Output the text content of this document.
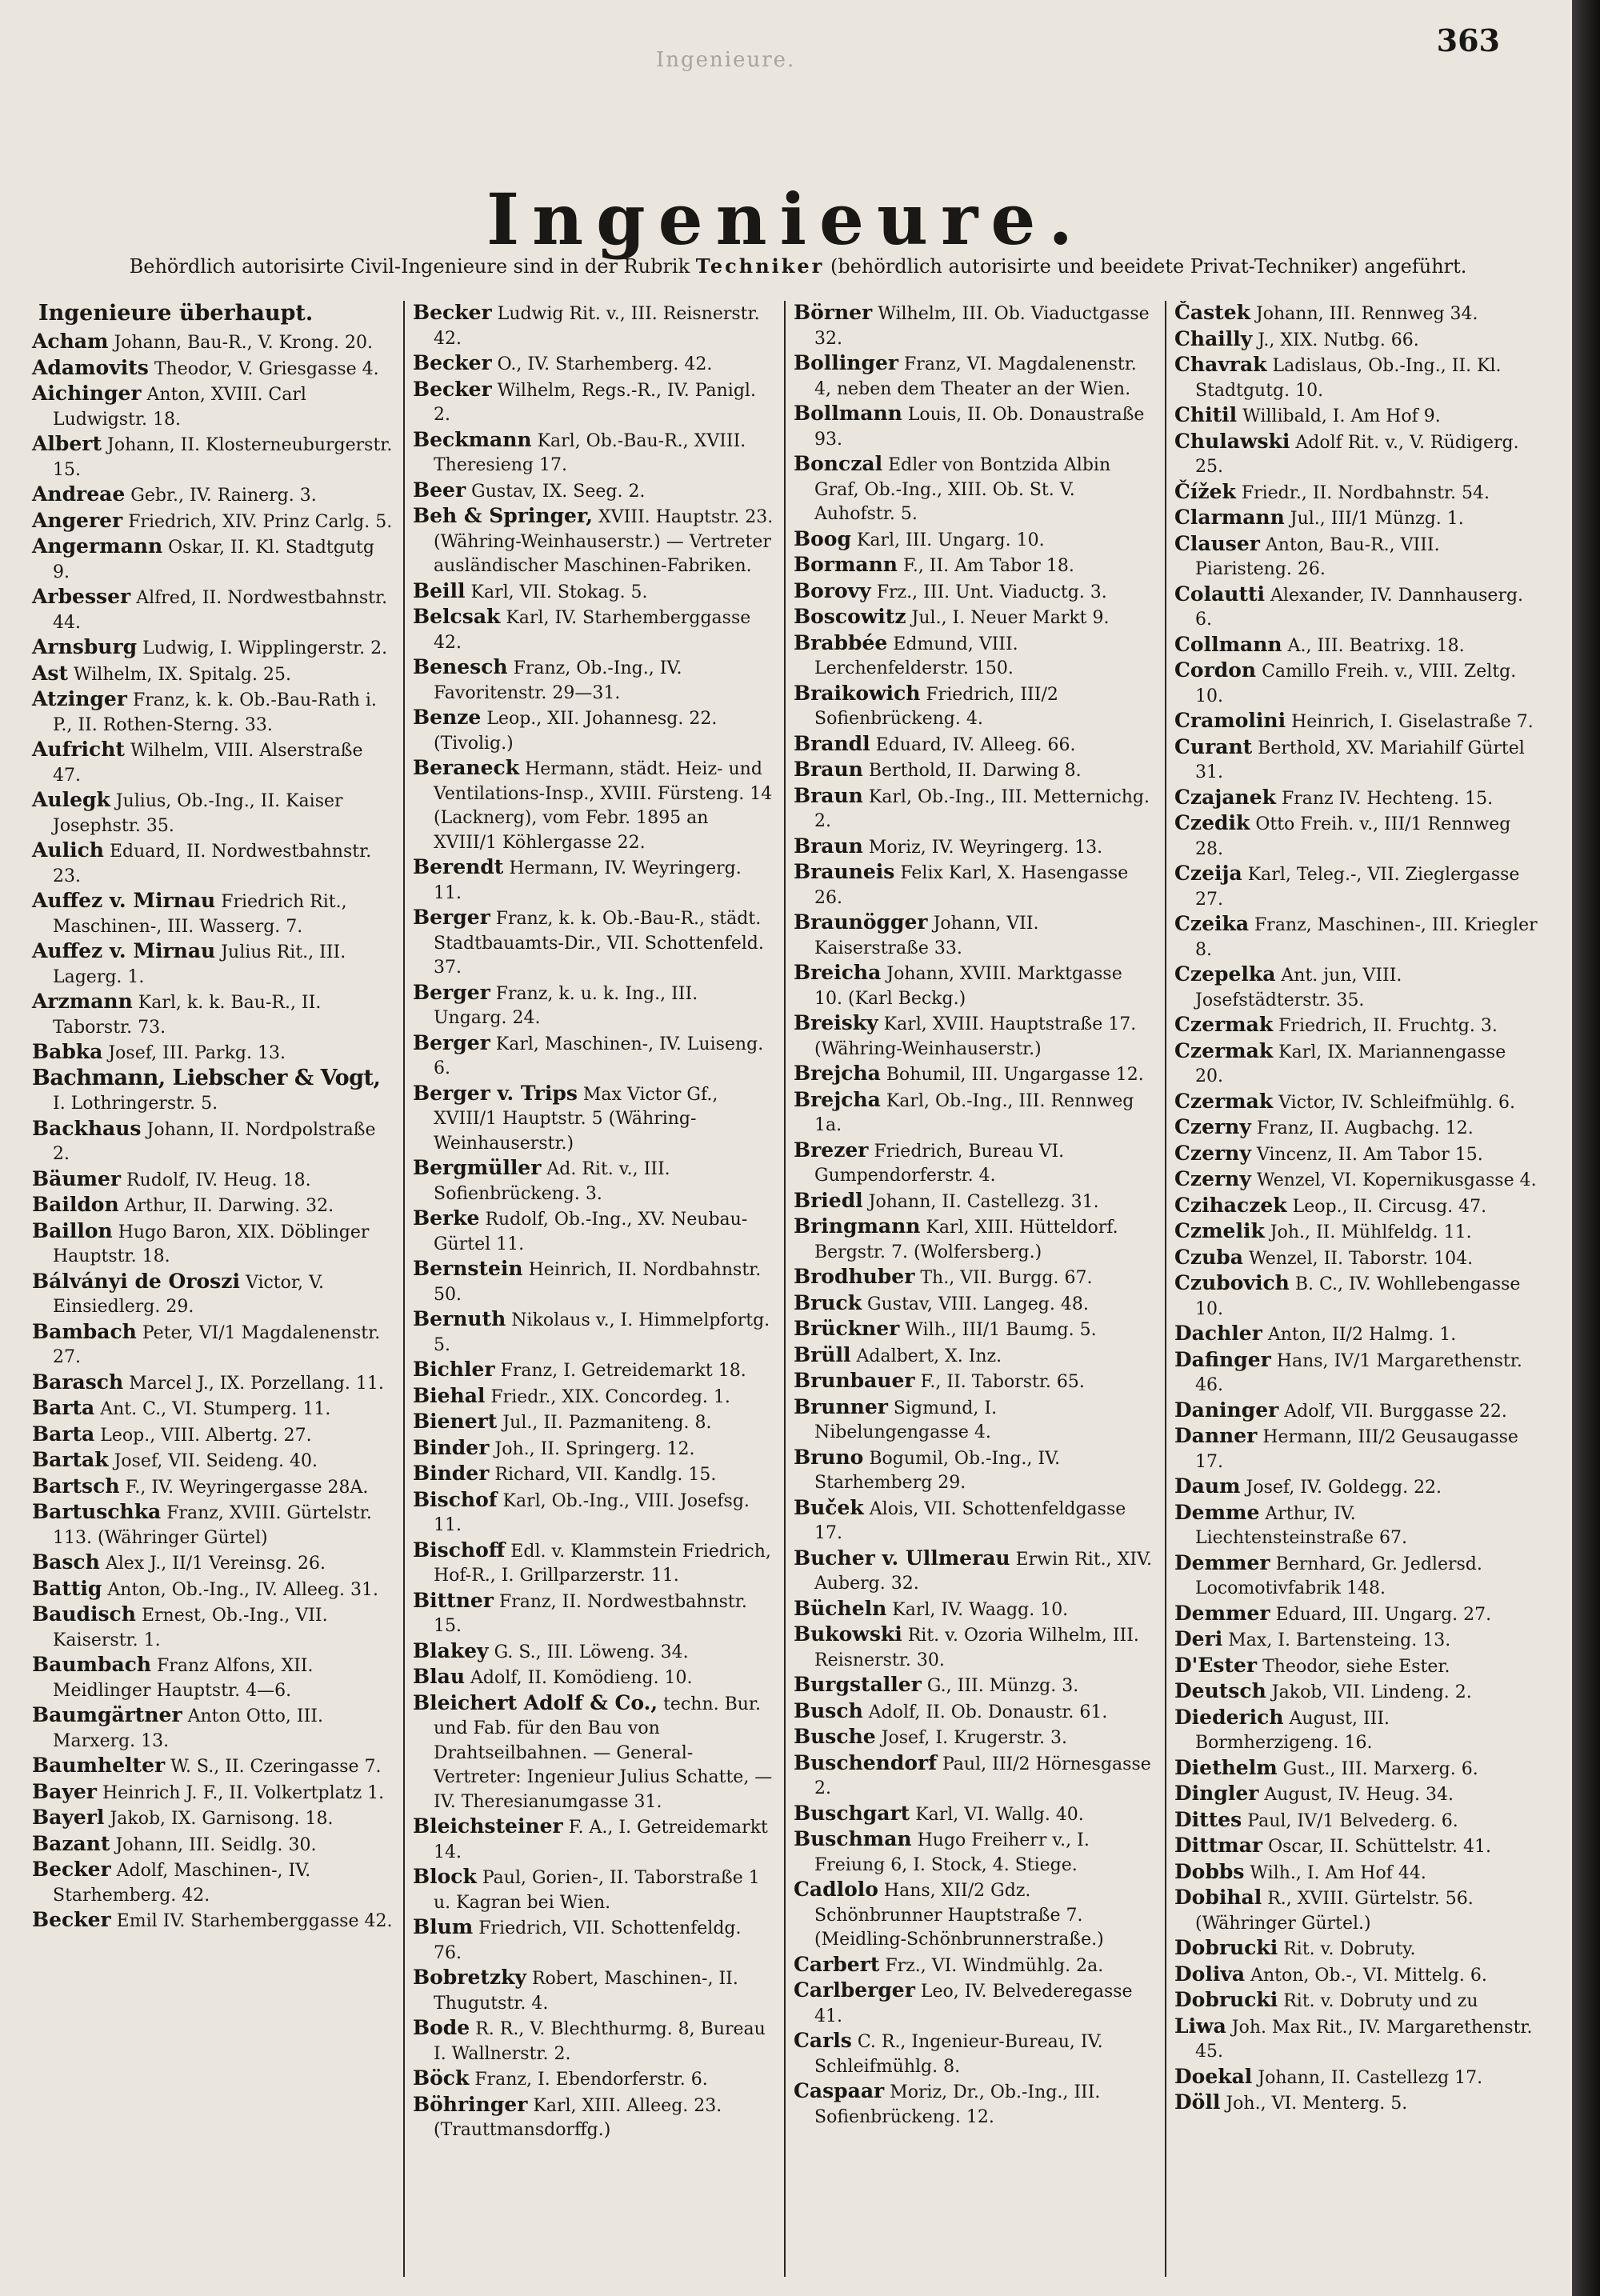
Ingenieure.
363
Ingenieure.
Behördlich autorisirte Civil-Ingenieure sind in der Rubrik Techniker (behördlich autorisirte und beeidete Privat-Techniker) angeführt.
Ingenieure überhaupt.
Acham Johann, Bau-R., V. Krong. 20.
Adamovits Theodor, V. Griesgasse 4.
Aichinger Anton, XVIII. Carl Ludwigstr. 18.
Albert Johann, II. Klosterneuburgerstr. 15.
Andreae Gebr., IV. Rainerg. 3.
Angerer Friedrich, XIV. Prinz Carlg. 5.
Angermann Oskar, II. Kl. Stadtgutg 9.
Arbesser Alfred, II. Nordwestbahnstr. 44.
Arnsburg Ludwig, I. Wipplingerstr. 2.
Ast Wilhelm, IX. Spitalg. 25.
Atzinger Franz, k. k. Ob.-Bau-Rath i. P., II. Rothen-Sterng. 33.
Aufricht Wilhelm, VIII. Alserstraße 47.
Aulegk Julius, Ob.-Ing., II. Kaiser Josephstr. 35.
Aulich Eduard, II. Nordwestbahnstr. 23.
Auffez v. Mirnau Friedrich Rit., Maschinen-, III. Wasserg. 7.
Auffez v. Mirnau Julius Rit., III. Lagerg. 1.
Arzmann Karl, k. k. Bau-R., II. Taborstr. 73.
Babka Josef, III. Parkg. 13.
Bachmann, Liebscher & Vogt, I. Lothringerstr. 5.
Backhaus Johann, II. Nordpolstraße 2.
Bäumer Rudolf, IV. Heug. 18.
Baildon Arthur, II. Darwing. 32.
Baillon Hugo Baron, XIX. Döblinger Hauptstr. 18.
Bálványi de Oroszi Victor, V. Einsiedlerg. 29.
Bambach Peter, VI/1 Magdalenenstr. 27.
Barasch Marcel J., IX. Porzellang. 11.
Barta Ant. C., VI. Stumperg. 11.
Barta Leop., VIII. Albertg. 27.
Bartak Josef, VII. Seideng. 40.
Bartsch F., IV. Weyringergasse 28A.
Bartuschka Franz, XVIII. Gürtelstr. 113. (Währinger Gürtel)
Basch Alex J., II/1 Vereinsg. 26.
Battig Anton, Ob.-Ing., IV. Alleeg. 31.
Baudisch Ernest, Ob.-Ing., VII. Kaiserstr. 1.
Baumbach Franz Alfons, XII. Meidlinger Hauptstr. 4—6.
Baumgärtner Anton Otto, III. Marxerg. 13.
Baumhelter W. S., II. Czeringasse 7.
Bayer Heinrich J. F., II. Volkertplatz 1.
Bayerl Jakob, IX. Garnisong. 18.
Bazant Johann, III. Seidlg. 30.
Becker Adolf, Maschinen-, IV. Starhemberg. 42.
Becker Emil IV. Starhemberggasse 42.
Becker Ludwig Rit. v., III. Reisnerstr. 42.
Becker O., IV. Starhemberg. 42.
Becker Wilhelm, Regs.-R., IV. Panigl. 2.
Beckmann Karl, Ob.-Bau-R., XVIII. Theresieng 17.
Beer Gustav, IX. Seeg. 2.
Beh & Springer, XVIII. Hauptstr. 23. (Währing-Weinhauserstr.) — Vertreter ausländischer Maschinen-Fabriken.
Beill Karl, VII. Stokag. 5.
Belcsak Karl, IV. Starhemberggasse 42.
Benesch Franz, Ob.-Ing., IV. Favoritenstr. 29—31.
Benze Leop., XII. Johannesg. 22. (Tivolig.)
Beraneck Hermann, städt. Heiz- und Ventilations-Insp., XVIII. Fürsteng. 14 (Lacknerg), vom Febr. 1895 an XVIII/1 Köhlergasse 22.
Berendt Hermann, IV. Weyringerg. 11.
Berger Franz, k. k. Ob.-Bau-R., städt. Stadtbauamts-Dir., VII. Schottenfeld. 37.
Berger Franz, k. u. k. Ing., III. Ungarg. 24.
Berger Karl, Maschinen-, IV. Luiseng. 6.
Berger v. Trips Max Victor Gf., XVIII/1 Hauptstr. 5 (Währing-Weinhauserstr.)
Bergmüller Ad. Rit. v., III. Sofienbrückeng. 3.
Berke Rudolf, Ob.-Ing., XV. Neubau-Gürtel 11.
Bernstein Heinrich, II. Nordbahnstr. 50.
Bernuth Nikolaus v., I. Himmelpfortg. 5.
Bichler Franz, I. Getreidemarkt 18.
Biehal Friedr., XIX. Concordeg. 1.
Bienert Jul., II. Pazmaniteng. 8.
Binder Joh., II. Springerg. 12.
Binder Richard, VII. Kandlg. 15.
Bischof Karl, Ob.-Ing., VIII. Josefsg. 11.
Bischoff Edl. v. Klammstein Friedrich, Hof-R., I. Grillparzerstr. 11.
Bittner Franz, II. Nordwestbahnstr. 15.
Blakey G. S., III. Löweng. 34.
Blau Adolf, II. Komödieng. 10.
Bleichert Adolf & Co., techn. Bur. und Fab. für den Bau von Drahtseilbahnen. — General-Vertreter: Ingenieur Julius Schatte, — IV. Theresianumgasse 31.
Bleichsteiner F. A., I. Getreidemarkt 14.
Block Paul, Gorien-, II. Taborstraße 1 u. Kagran bei Wien.
Blum Friedrich, VII. Schottenfeldg. 76.
Bobretzky Robert, Maschinen-, II. Thugutstr. 4.
Bode R. R., V. Blechthurmg. 8, Bureau I. Wallnerstr. 2.
Böck Franz, I. Ebendorferstr. 6.
Böhringer Karl, XIII. Alleeg. 23. (Trauttmansdorffg.)
Börner Wilhelm, III. Ob. Viaductgasse 32.
Bollinger Franz, VI. Magdalenenstr. 4, neben dem Theater an der Wien.
Bollmann Louis, II. Ob. Donaustraße 93.
Bonczal Edler von Bontzida Albin Graf, Ob.-Ing., XIII. Ob. St. V. Auhofstr. 5.
Boog Karl, III. Ungarg. 10.
Bormann F., II. Am Tabor 18.
Borovy Frz., III. Unt. Viaductg. 3.
Boscowitz Jul., I. Neuer Markt 9.
Brabbée Edmund, VIII. Lerchenfelderstr. 150.
Braikowich Friedrich, III/2 Sofienbrückeng. 4.
Brandl Eduard, IV. Alleeg. 66.
Braun Berthold, II. Darwing 8.
Braun Karl, Ob.-Ing., III. Metternichg. 2.
Braun Moriz, IV. Weyringerg. 13.
Brauneis Felix Karl, X. Hasengasse 26.
Braunögger Johann, VII. Kaiserstraße 33.
Breicha Johann, XVIII. Marktgasse 10. (Karl Beckg.)
Breisky Karl, XVIII. Hauptstraße 17. (Währing-Weinhauserstr.)
Brejcha Bohumil, III. Ungargasse 12.
Brejcha Karl, Ob.-Ing., III. Rennweg 1a.
Brezer Friedrich, Bureau VI. Gumpendorferstr. 4.
Briedl Johann, II. Castellezg. 31.
Bringmann Karl, XIII. Hütteldorf. Bergstr. 7. (Wolfersberg.)
Brodhuber Th., VII. Burgg. 67.
Bruck Gustav, VIII. Langeg. 48.
Brückner Wilh., III/1 Baumg. 5.
Brüll Adalbert, X. Inz.
Brunbauer F., II. Taborstr. 65.
Brunner Sigmund, I. Nibelungengasse 4.
Bruno Bogumil, Ob.-Ing., IV. Starhemberg 29.
Buček Alois, VII. Schottenfeldgasse 17.
Bucher v. Ullmerau Erwin Rit., XIV. Auberg. 32.
Bücheln Karl, IV. Waagg. 10.
Bukowski Rit. v. Ozoria Wilhelm, III. Reisnerstr. 30.
Burgstaller G., III. Münzg. 3.
Busch Adolf, II. Ob. Donaustr. 61.
Busche Josef, I. Krugerstr. 3.
Buschendorf Paul, III/2 Hörnesgasse 2.
Buschgart Karl, VI. Wallg. 40.
Buschman Hugo Freiherr v., I. Freiung 6, I. Stock, 4. Stiege.
Cadlolo Hans, XII/2 Gdz. Schönbrunner Hauptstraße 7. (Meidling-Schönbrunnerstraße.)
Carbert Frz., VI. Windmühlg. 2a.
Carlberger Leo, IV. Belvederegasse 41.
Carls C. R., Ingenieur-Bureau, IV. Schleifmühlg. 8.
Caspaar Moriz, Dr., Ob.-Ing., III. Sofienbrückeng. 12.
Častek Johann, III. Rennweg 34.
Chailly J., XIX. Nutbg. 66.
Chavrak Ladislaus, Ob.-Ing., II. Kl. Stadtgutg. 10.
Chitil Willibald, I. Am Hof 9.
Chulawski Adolf Rit. v., V. Rüdigerg. 25.
Čížek Friedr., II. Nordbahnstr. 54.
Clarmann Jul., III/1 Münzg. 1.
Clauser Anton, Bau-R., VIII. Piaristeng. 26.
Colautti Alexander, IV. Dannhauserg. 6.
Collmann A., III. Beatrixg. 18.
Cordon Camillo Freih. v., VIII. Zeltg. 10.
Cramolini Heinrich, I. Giselastraße 7.
Curant Berthold, XV. Mariahilf Gürtel 31.
Czajanek Franz IV. Hechteng. 15.
Czedik Otto Freih. v., III/1 Rennweg 28.
Czeija Karl, Teleg.-, VII. Zieglergasse 27.
Czeika Franz, Maschinen-, III. Kriegler 8.
Czepelka Ant. jun, VIII. Josefstädterstr. 35.
Czermak Friedrich, II. Fruchtg. 3.
Czermak Karl, IX. Mariannengasse 20.
Czermak Victor, IV. Schleifmühlg. 6.
Czerny Franz, II. Augbachg. 12.
Czerny Vincenz, II. Am Tabor 15.
Czerny Wenzel, VI. Kopernikusgasse 4.
Czihaczek Leop., II. Circusg. 47.
Czmelik Joh., II. Mühlfeldg. 11.
Czuba Wenzel, II. Taborstr. 104.
Czubovich B. C., IV. Wohllebengasse 10.
Dachler Anton, II/2 Halmg. 1.
Dafinger Hans, IV/1 Margarethenstr. 46.
Daninger Adolf, VII. Burggasse 22.
Danner Hermann, III/2 Geusaugasse 17.
Daum Josef, IV. Goldegg. 22.
Demme Arthur, IV. Liechtensteinstraße 67.
Demmer Bernhard, Gr. Jedlersd. Locomotivfabrik 148.
Demmer Eduard, III. Ungarg. 27.
Deri Max, I. Bartensteing. 13.
D'Ester Theodor, siehe Ester.
Deutsch Jakob, VII. Lindeng. 2.
Diederich August, III. Bormherzigeng. 16.
Diethelm Gust., III. Marxerg. 6.
Dingler August, IV. Heug. 34.
Dittes Paul, IV/1 Belvederg. 6.
Dittmar Oscar, II. Schüttelstr. 41.
Dobbs Wilh., I. Am Hof 44.
Dobihal R., XVIII. Gürtelstr. 56. (Währinger Gürtel.)
Dobrucki Rit. v. Dobruty.
Doliva Anton, Ob.-, VI. Mittelg. 6.
Dobrucki Rit. v. Dobruty und zu
Liwa Joh. Max Rit., IV. Margarethenstr. 45.
Doekal Johann, II. Castellezg 17.
Döll Joh., VI. Menterg. 5.
